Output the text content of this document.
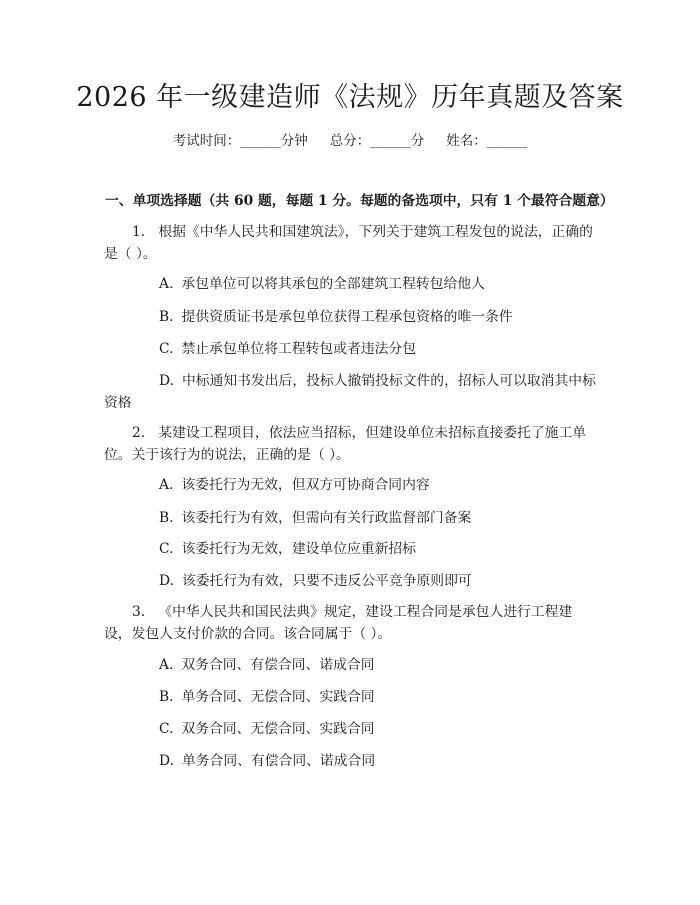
2026 年一级建造师《法规》历年真题及答案
考试时间：______分钟 总分：______分 姓名：______
一、单项选择题（共 60 题，每题 1 分。每题的备选项中，只有 1 个最符合题意）
1. 根据《中华人民共和国建筑法》，下列关于建筑工程发包的说法，正确的是（ ）。
A. 承包单位可以将其承包的全部建筑工程转包给他人
B. 提供资质证书是承包单位获得工程承包资格的唯一条件
C. 禁止承包单位将工程转包或者违法分包
D. 中标通知书发出后，投标人撤销投标文件的，招标人可以取消其中标资格
2. 某建设工程项目，依法应当招标，但建设单位未招标直接委托了施工单位。关于该行为的说法，正确的是（ ）。
A. 该委托行为无效，但双方可协商合同内容
B. 该委托行为有效，但需向有关行政监督部门备案
C. 该委托行为无效，建设单位应重新招标
D. 该委托行为有效，只要不违反公平竞争原则即可
3. 《中华人民共和国民法典》规定，建设工程合同是承包人进行工程建设，发包人支付价款的合同。该合同属于（ ）。
A. 双务合同、有偿合同、诺成合同
B. 单务合同、无偿合同、实践合同
C. 双务合同、无偿合同、实践合同
D. 单务合同、有偿合同、诺成合同
